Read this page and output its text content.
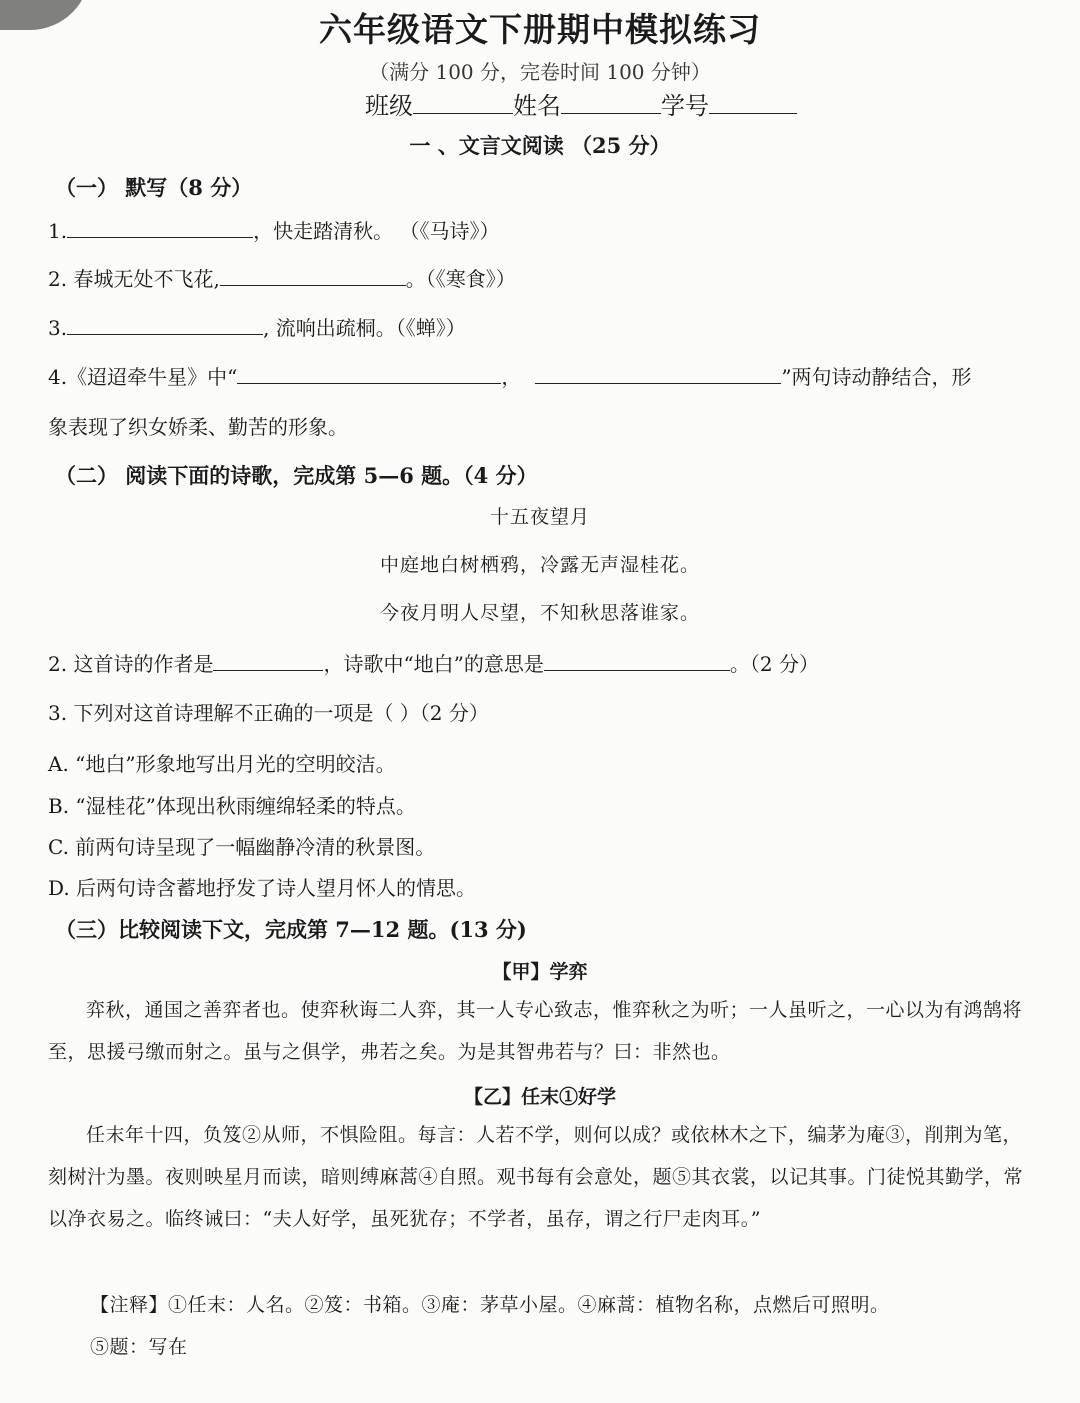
六年级语文下册期中模拟练习
（满分 100 分，完卷时间 100 分钟）
班级	姓名	学号
一 、文言文阅读 （25 分）
（一） 默写（8 分）
1.	，快走踏清秋。 （《马诗》）
2. 春城无处不飞花,	。（《寒食》）
3.	, 流响出疏桐。（《蝉》）
4.《迢迢牵牛星》中“	，	”两句诗动静结合，形
象表现了织女娇柔、勤苦的形象。
（二） 阅读下面的诗歌，完成第 5—6 题。（4 分）
十五夜望月
中庭地白树栖鸦，冷露无声湿桂花。
今夜月明人尽望，不知秋思落谁家。
2. 这首诗的作者是	，诗歌中“地白”的意思是	。（2 分）
3. 下列对这首诗理解不正确的一项是（ ）（2 分）
A. “地白”形象地写出月光的空明皎洁。
B. “湿桂花”体现出秋雨缠绵轻柔的特点。
C. 前两句诗呈现了一幅幽静冷清的秋景图。
D. 后两句诗含蓄地抒发了诗人望月怀人的情思。
（三）比较阅读下文，完成第 7—12 题。(13 分)
【甲】学弈
弈秋，通国之善弈者也。使弈秋诲二人弈，其一人专心致志，惟弈秋之为听；一人虽听之，一心以为有鸿鹄将至，思援弓缴而射之。虽与之俱学，弗若之矣。为是其智弗若与？曰：非然也。
【乙】任末①好学
任末年十四，负笈②从师，不惧险阻。每言：人若不学，则何以成？或依林木之下，编茅为庵③，削荆为笔，刻树汁为墨。夜则映星月而读，暗则缚麻蒿④自照。观书每有会意处，题⑤其衣裳，以记其事。门徒悦其勤学，常以净衣易之。临终诫曰：“夫人好学，虽死犹存；不学者，虽存，谓之行尸走肉耳。”
【注释】①任末：人名。②笈：书箱。③庵：茅草小屋。④麻蒿：植物名称，点燃后可照明。
⑤题：写在
